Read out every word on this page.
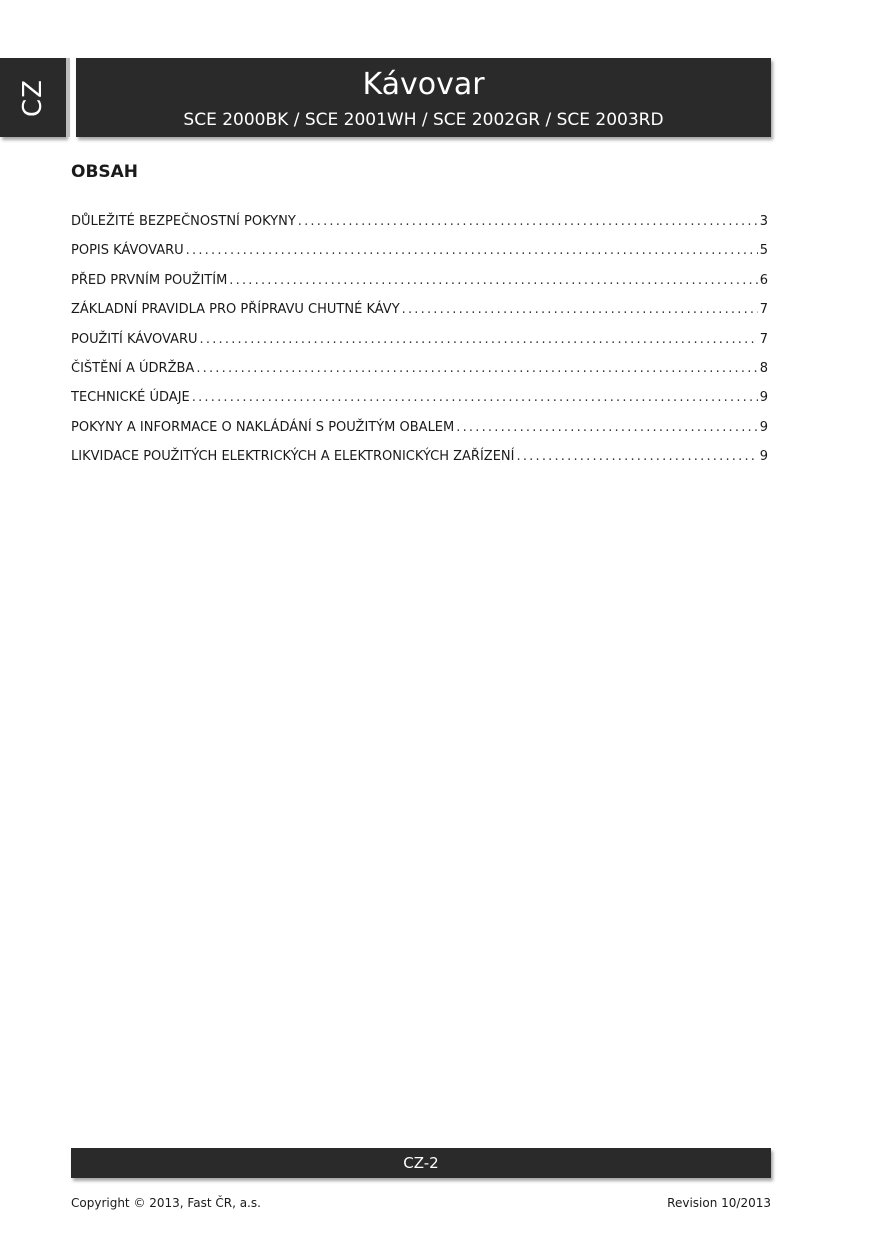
CZ	Kávovar
SCE 2000BK / SCE 2001WH / SCE 2002GR / SCE 2003RD
OBSAH
DŮLEŽITÉ BEZPEČNOSTNÍ POKYNY .....	3
POPIS KÁVOVARU .....	5
PŘED PRVNÍM POUŽITÍM .....	6
ZÁKLADNÍ PRAVIDLA PRO PŘÍPRAVU CHUTNÉ KÁVY .....	7
POUŽITÍ KÁVOVARU .....	7
ČIŠTĚNÍ A ÚDRŽBA .....	8
TECHNICKÉ ÚDAJE .....	9
POKYNY A INFORMACE O NAKLÁDÁNÍ S POUŽITÝM OBALEM .....	9
LIKVIDACE POUŽITÝCH ELEKTRICKÝCH A ELEKTRONICKÝCH ZAŘÍZENÍ .....	9
CZ-2
Copyright © 2013, Fast ČR, a.s.	Revision 10/2013
